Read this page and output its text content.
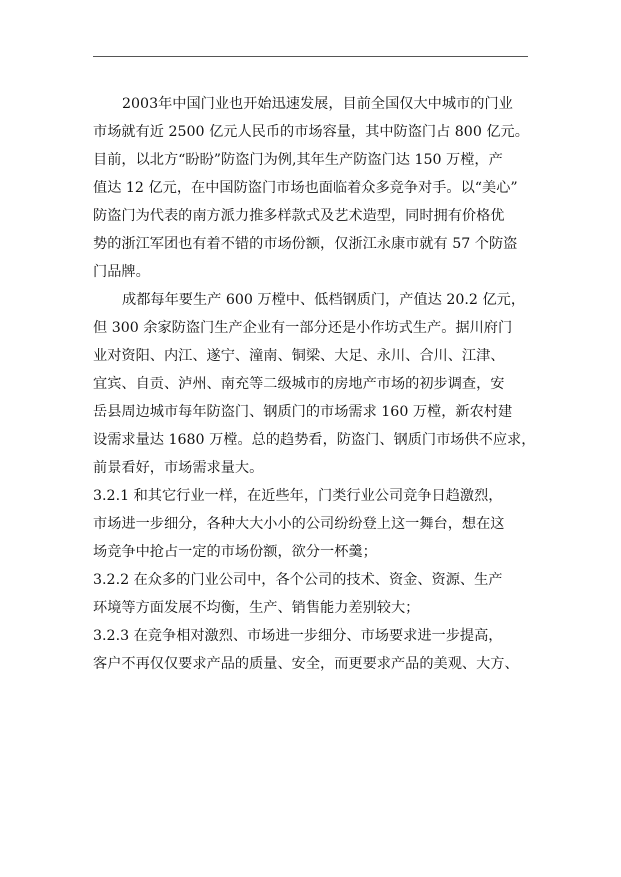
2003年中国门业也开始迅速发展，目前全国仅大中城市的门业
市场就有近 2500 亿元人民币的市场容量，其中防盗门占 800 亿元。
目前，以北方“盼盼”防盗门为例,其年生产防盗门达 150 万樘，产
值达 12 亿元，在中国防盗门市场也面临着众多竞争对手。以“美心”
防盗门为代表的南方派力推多样款式及艺术造型，同时拥有价格优
势的浙江军团也有着不错的市场份额，仅浙江永康市就有 57 个防盗
门品牌。
成都每年要生产 600 万樘中、低档钢质门，产值达 20.2 亿元，
但 300 余家防盗门生产企业有一部分还是小作坊式生产。据川府门
业对资阳、内江、遂宁、潼南、铜梁、大足、永川、合川、江津、
宜宾、自贡、泸州、南充等二级城市的房地产市场的初步调查，安
岳县周边城市每年防盗门、钢质门的市场需求 160 万樘，新农村建
设需求量达 1680 万樘。总的趋势看，防盗门、钢质门市场供不应求，
前景看好，市场需求量大。
3.2.1 和其它行业一样，在近些年，门类行业公司竞争日趋激烈，
市场进一步细分，各种大大小小的公司纷纷登上这一舞台，想在这
场竞争中抢占一定的市场份额，欲分一杯羹；
3.2.2 在众多的门业公司中，各个公司的技术、资金、资源、生产
环境等方面发展不均衡，生产、销售能力差别较大；
3.2.3 在竞争相对激烈、市场进一步细分、市场要求进一步提高，
客户不再仅仅要求产品的质量、安全，而更要求产品的美观、大方、
